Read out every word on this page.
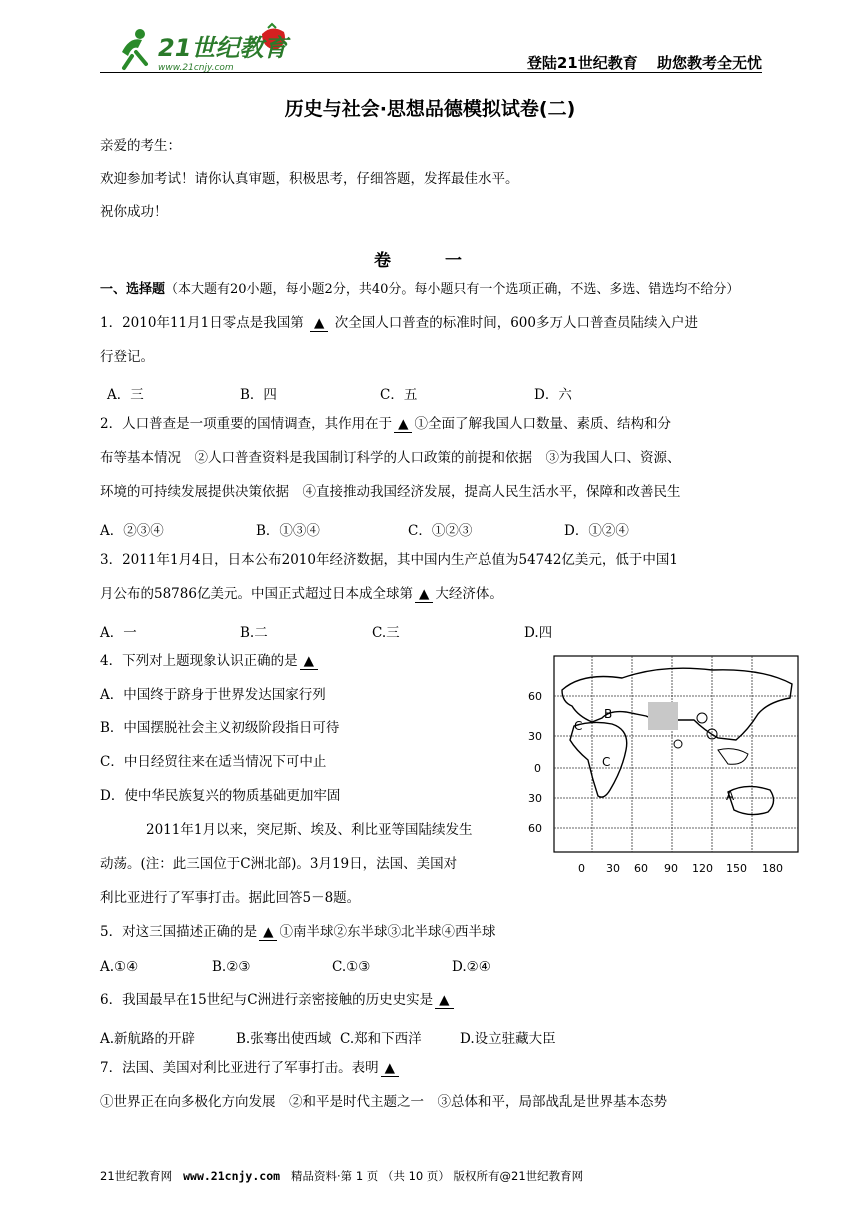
21世纪教育
www.21cnjy.com	登陆21世纪教育 助您教考全无忧
历史与社会·思想品德模拟试卷(二)
亲爱的考生：
欢迎参加考试！请你认真审题，积极思考，仔细答题，发挥最佳水平。
祝你成功！
卷 一
一、选择题（本大题有20小题，每小题2分，共40分。每小题只有一个选项正确，不选、多选、错选均不给分）
1．2010年11月1日零点是我国第 ▲ 次全国人口普查的标准时间，600多万人口普查员陆续入户进
行登记。
A．三	B．四	C．五	D．六
2．人口普查是一项重要的国情调查，其作用在于 ▲ ①全面了解我国人口数量、素质、结构和分
布等基本情况　②人口普查资料是我国制订科学的人口政策的前提和依据　③为我国人口、资源、
环境的可持续发展提供决策依据　④直接推动我国经济发展，提高人民生活水平，保障和改善民生
A．②③④	B．①③④	C．①②③	D．①②④
3．2011年1月4日，日本公布2010年经济数据，其中国内生产总值为54742亿美元，低于中国1
月公布的58786亿美元。中国正式超过日本成全球第 ▲ 大经济体。
A．一	B.二	C.三	D.四
4．下列对上题现象认识正确的是 ▲
A．中国终于跻身于世界发达国家行列
B．中国摆脱社会主义初级阶段指日可待
C．中日经贸往来在适当情况下可中止
D．使中华民族复兴的物质基础更加牢固
2011年1月以来，突尼斯、埃及、利比亚等国陆续发生
动荡。(注：此三国位于C洲北部)。3月19日，法国、美国对
利比亚进行了军事打击。据此回答5－8题。
B
C
C
A
60
30
0
30
60
0 30 60 90 120 150 180
5．对这三国描述正确的是 ▲ ①南半球②东半球③北半球④西半球
A.①④	B.②③	C.①③	D.②④
6．我国最早在15世纪与C洲进行亲密接触的历史史实是 ▲
A.新航路的开辟	B.张骞出使西域 C.郑和下西洋	D.设立驻藏大臣
7．法国、美国对利比亚进行了军事打击。表明 ▲
①世界正在向多极化方向发展　②和平是时代主题之一　③总体和平，局部战乱是世界基本态势
21世纪教育网 www.21cnjy.com 精品资料·第 1 页 （共 10 页） 版权所有@21世纪教育网
